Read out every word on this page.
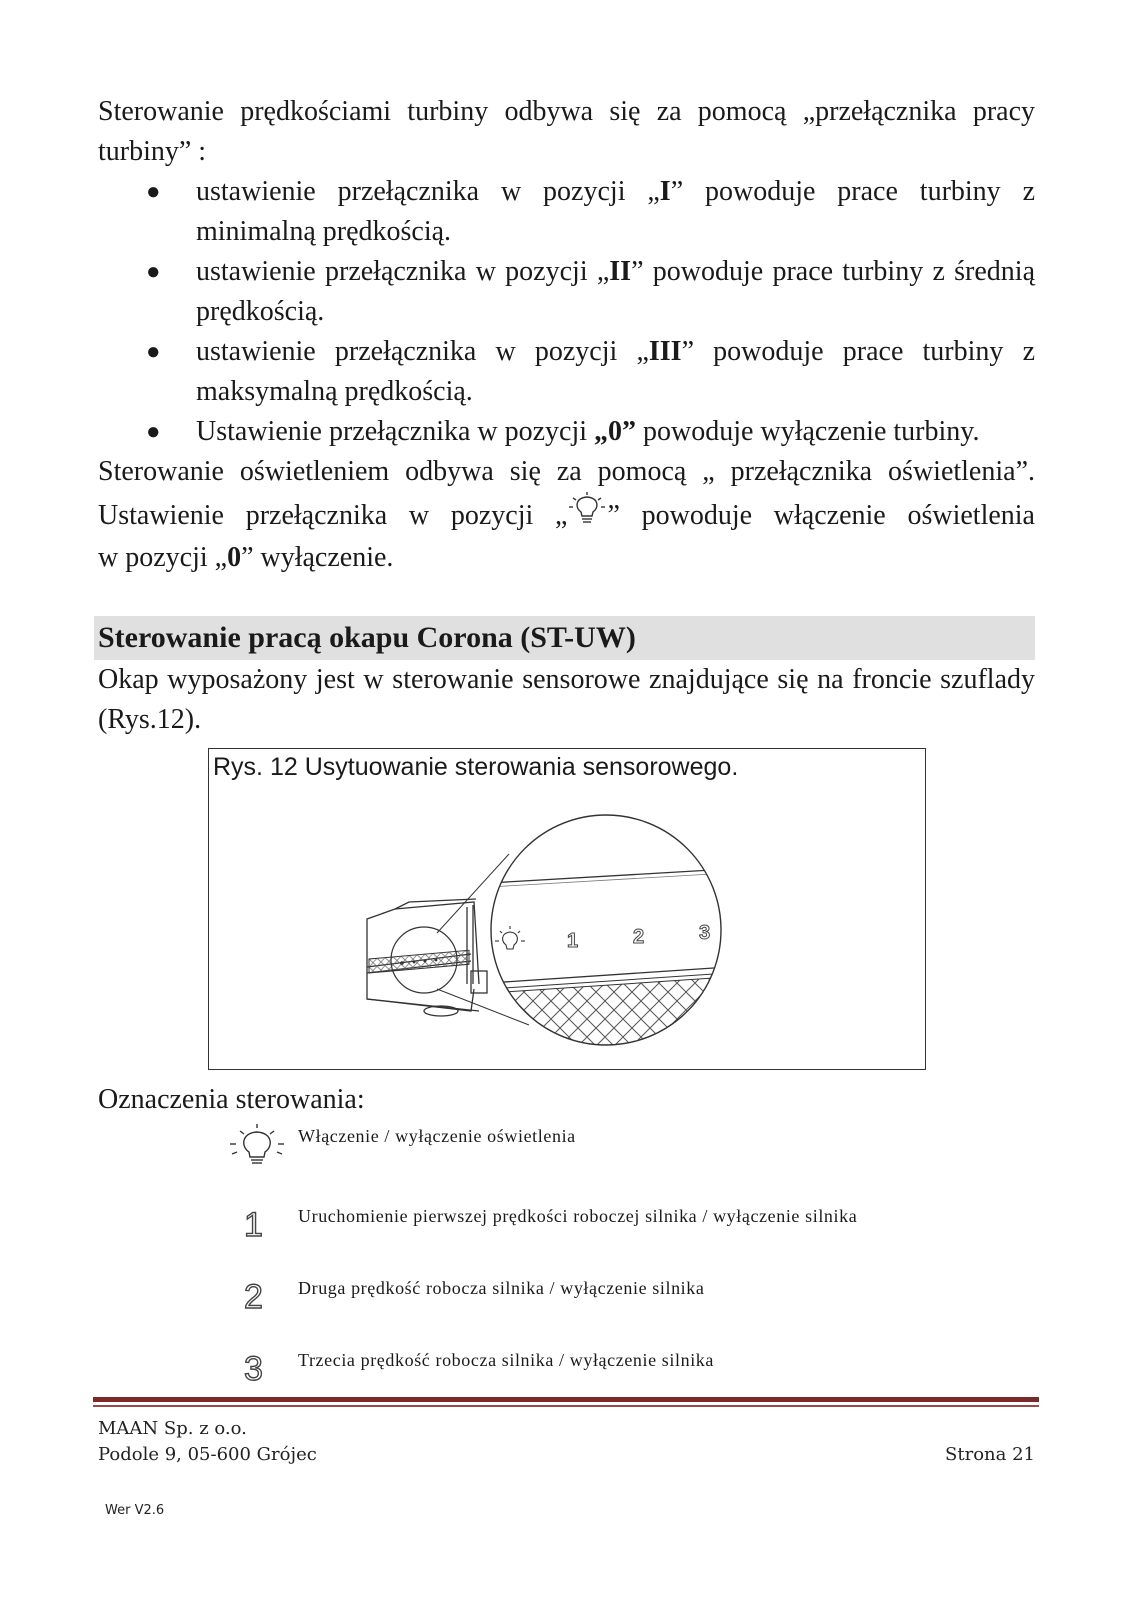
Sterowanie prędkościami turbiny odbywa się za pomocą „przełącznika pracy

turbiny” :

● ustawienie przełącznika w pozycji „I” powoduje prace turbiny z minimalną prędkością.
● ustawienie przełącznika w pozycji „II” powoduje prace turbiny z średnią prędkością.
● ustawienie przełącznika w pozycji „III” powoduje prace turbiny z maksymalną prędkością.
● Ustawienie przełącznika w pozycji „0” powoduje wyłączenie turbiny.

Sterowanie oświetleniem odbywa się za pomocą „ przełącznika oświetlenia”.

Ustawienie przełącznika w pozycji „ ” powoduje włączenie oświetlenia

w pozycji „0” wyłączenie.

Sterowanie pracą okapu Corona (ST-UW)

Okap wyposażony jest w sterowanie sensorowe znajdujące się na froncie szuflady (Rys.12).

Rys. 12 Usytuowanie sterowania sensorowego.
1	2	3

Oznaczenia sterowania:

Włączenie / wyłączenie oświetlenia
1 Uruchomienie pierwszej prędkości roboczej silnika / wyłączenie silnika
2 Druga prędkość robocza silnika / wyłączenie silnika
3 Trzecia prędkość robocza silnika / wyłączenie silnika
MAAN Sp. z o.o.
Podole 9, 05-600 Grójec	Strona 21
Wer V2.6
